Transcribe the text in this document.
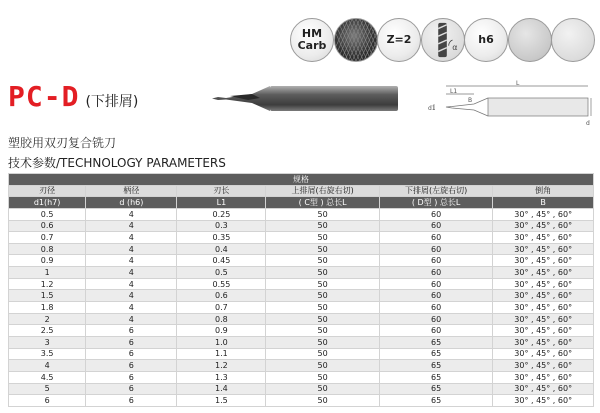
HM
Carb	Z=2
α
h6
PC-D (下排屑)
L
L1
B
d1
d
塑胶用双刃复合铣刀
技术参数/TECHNOLOGY PARAMETERS
规格					
刃径	柄径	刃长	上排屑(右旋右切)	下排屑(左旋右切)	倒角
d1(h7)	d (h6)	L1	( C型 ) 总长L	( D型 ) 总长L	B
0.5	4	0.25	50	60	30° , 45° , 60°
0.6	4	0.3	50	60	30° , 45° , 60°
0.7	4	0.35	50	60	30° , 45° , 60°
0.8	4	0.4	50	60	30° , 45° , 60°
0.9	4	0.45	50	60	30° , 45° , 60°
1	4	0.5	50	60	30° , 45° , 60°
1.2	4	0.55	50	60	30° , 45° , 60°
1.5	4	0.6	50	60	30° , 45° , 60°
1.8	4	0.7	50	60	30° , 45° , 60°
2	4	0.8	50	60	30° , 45° , 60°
2.5	6	0.9	50	60	30° , 45° , 60°
3	6	1.0	50	65	30° , 45° , 60°
3.5	6	1.1	50	65	30° , 45° , 60°
4	6	1.2	50	65	30° , 45° , 60°
4.5	6	1.3	50	65	30° , 45° , 60°
5	6	1.4	50	65	30° , 45° , 60°
6	6	1.5	50	65	30° , 45° , 60°
